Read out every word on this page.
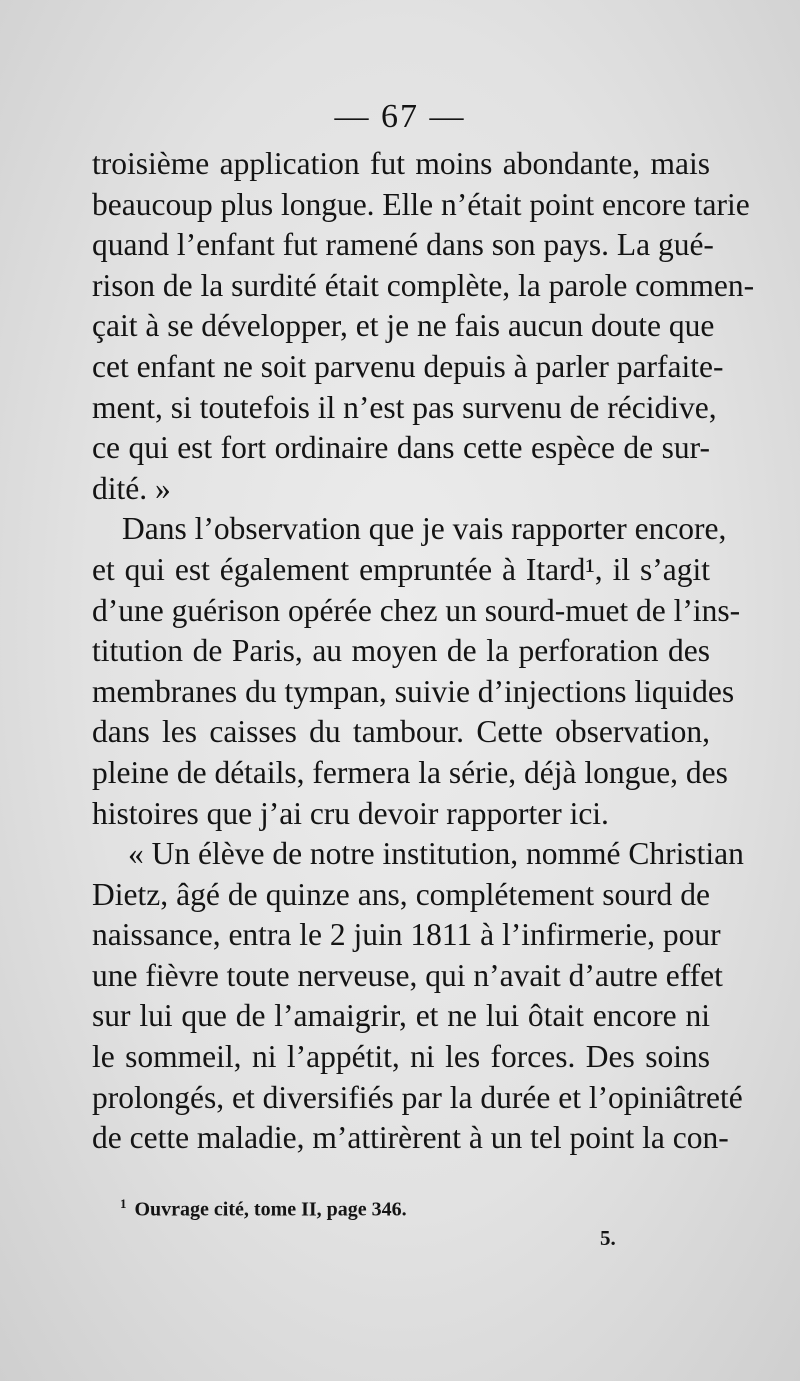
— 67 —
troisième application fut moins abondante, mais
beaucoup plus longue. Elle n’était point encore tarie
quand l’enfant fut ramené dans son pays. La gué-
rison de la surdité était complète, la parole commen-
çait à se développer, et je ne fais aucun doute que
cet enfant ne soit parvenu depuis à parler parfaite-
ment, si toutefois il n’est pas survenu de récidive,
ce qui est fort ordinaire dans cette espèce de sur-
dité. »
Dans l’observation que je vais rapporter encore,
et qui est également empruntée à Itard¹, il s’agit
d’une guérison opérée chez un sourd-muet de l’ins-
titution de Paris, au moyen de la perforation des
membranes du tympan, suivie d’injections liquides
dans les caisses du tambour. Cette observation,
pleine de détails, fermera la série, déjà longue, des
histoires que j’ai cru devoir rapporter ici.
« Un élève de notre institution, nommé Christian
Dietz, âgé de quinze ans, complétement sourd de
naissance, entra le 2 juin 1811 à l’infirmerie, pour
une fièvre toute nerveuse, qui n’avait d’autre effet
sur lui que de l’amaigrir, et ne lui ôtait encore ni
le sommeil, ni l’appétit, ni les forces. Des soins
prolongés, et diversifiés par la durée et l’opiniâtreté
de cette maladie, m’attirèrent à un tel point la con-
$^1$ Ouvrage cité, tome II, page 346.
5.
